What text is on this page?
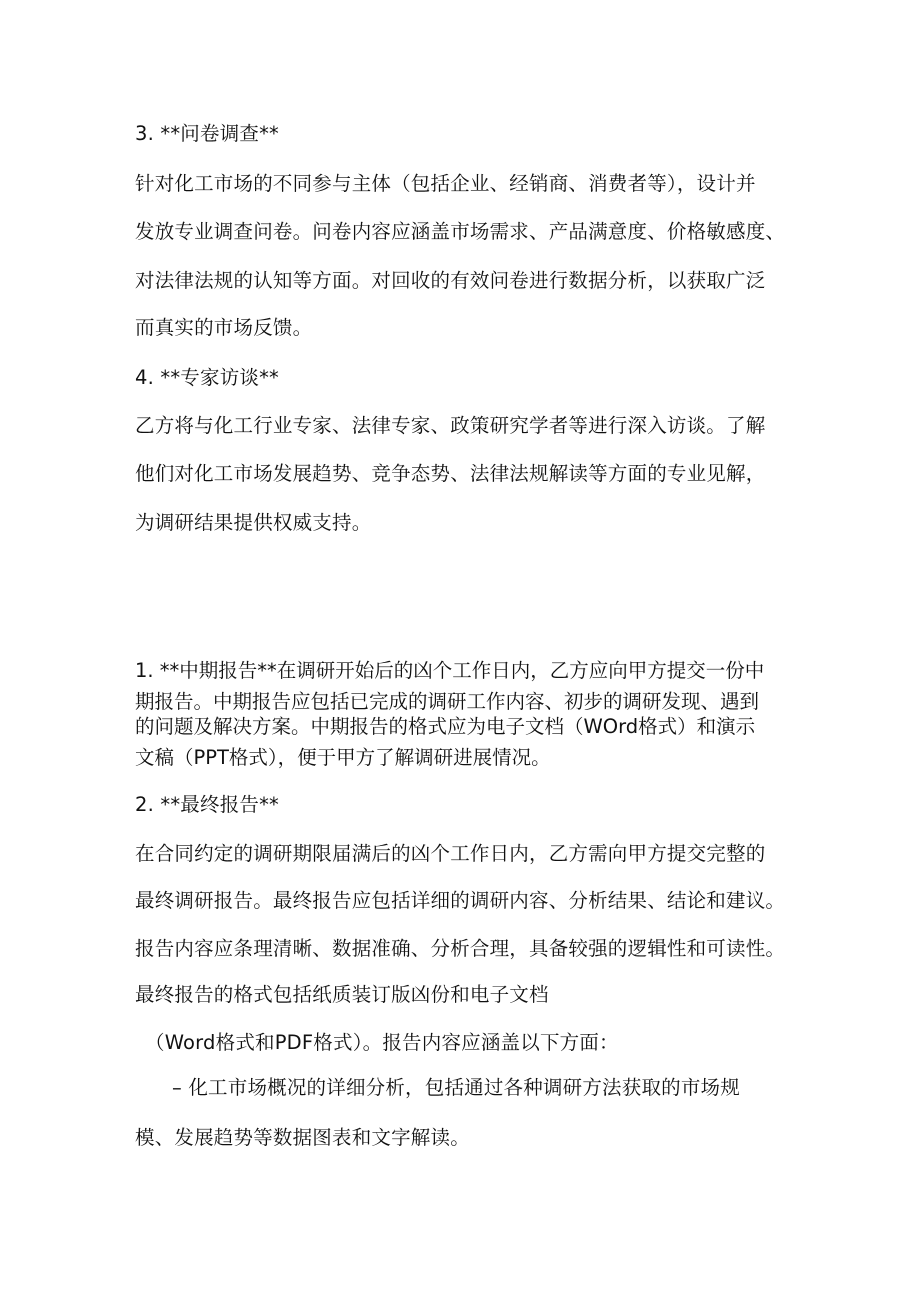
3. **问卷调查**
针对化工市场的不同参与主体（包括企业、经销商、消费者等），设计并
发放专业调查问卷。问卷内容应涵盖市场需求、产品满意度、价格敏感度、
对法律法规的认知等方面。对回收的有效问卷进行数据分析，以获取广泛
而真实的市场反馈。
4. **专家访谈**
乙方将与化工行业专家、法律专家、政策研究学者等进行深入访谈。了解
他们对化工市场发展趋势、竞争态势、法律法规解读等方面的专业见解，
为调研结果提供权威支持。
1. **中期报告**在调研开始后的凶个工作日内，乙方应向甲方提交一份中
期报告。中期报告应包括已完成的调研工作内容、初步的调研发现、遇到
的问题及解决方案。中期报告的格式应为电子文档（WOrd格式）和演示
文稿（PPT格式），便于甲方了解调研进展情况。
2. **最终报告**
在合同约定的调研期限届满后的凶个工作日内，乙方需向甲方提交完整的
最终调研报告。最终报告应包括详细的调研内容、分析结果、结论和建议。
报告内容应条理清晰、数据准确、分析合理，具备较强的逻辑性和可读性。
最终报告的格式包括纸质装订版凶份和电子文档
（Word格式和PDF格式）。报告内容应涵盖以下方面：
– 化工市场概况的详细分析，包括通过各种调研方法获取的市场规
模、发展趋势等数据图表和文字解读。
